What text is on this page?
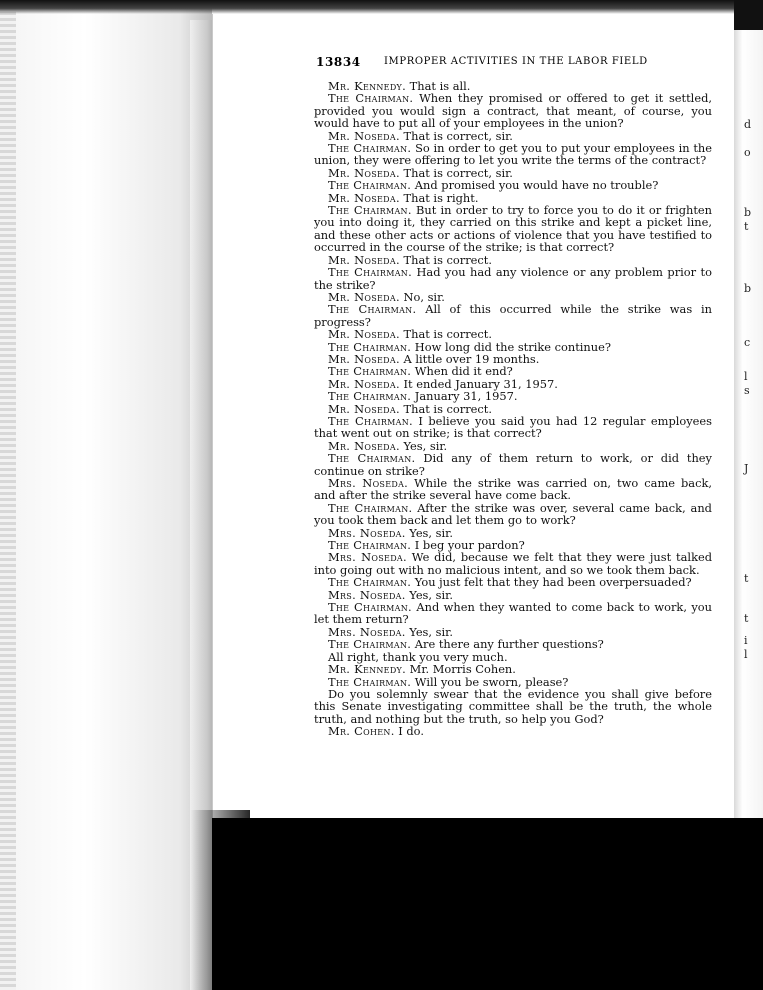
d
o
b
t
b
c
l
s
J
t
t
i
l
13834 IMPROPER ACTIVITIES IN THE LABOR FIELD

Mr. Kennedy. That is all.

The Chairman. When they promised or offered to get it settled, provided you would sign a contract, that meant, of course, you would have to put all of your employees in the union?

Mr. Noseda. That is correct, sir.

The Chairman. So in order to get you to put your employees in the union, they were offering to let you write the terms of the contract?

Mr. Noseda. That is correct, sir.

The Chairman. And promised you would have no trouble?

Mr. Noseda. That is right.

The Chairman. But in order to try to force you to do it or frighten you into doing it, they carried on this strike and kept a picket line, and these other acts or actions of violence that you have testified to occurred in the course of the strike; is that correct?

Mr. Noseda. That is correct.

The Chairman. Had you had any violence or any problem prior to the strike?

Mr. Noseda. No, sir.

The Chairman. All of this occurred while the strike was in progress?

Mr. Noseda. That is correct.

The Chairman. How long did the strike continue?

Mr. Noseda. A little over 19 months.

The Chairman. When did it end?

Mr. Noseda. It ended January 31, 1957.

The Chairman. January 31, 1957.

Mr. Noseda. That is correct.

The Chairman. I believe you said you had 12 regular employees that went out on strike; is that correct?

Mr. Noseda. Yes, sir.

The Chairman. Did any of them return to work, or did they continue on strike?

Mrs. Noseda. While the strike was carried on, two came back, and after the strike several have come back.

The Chairman. After the strike was over, several came back, and you took them back and let them go to work?

Mrs. Noseda. Yes, sir.

The Chairman. I beg your pardon?

Mrs. Noseda. We did, because we felt that they were just talked into going out with no malicious intent, and so we took them back.

The Chairman. You just felt that they had been overpersuaded?

Mrs. Noseda. Yes, sir.

The Chairman. And when they wanted to come back to work, you let them return?

Mrs. Noseda. Yes, sir.

The Chairman. Are there any further questions?

All right, thank you very much.

Mr. Kennedy. Mr. Morris Cohen.

The Chairman. Will you be sworn, please?

Do you solemnly swear that the evidence you shall give before this Senate investigating committee shall be the truth, the whole truth, and nothing but the truth, so help you God?

Mr. Cohen. I do.
